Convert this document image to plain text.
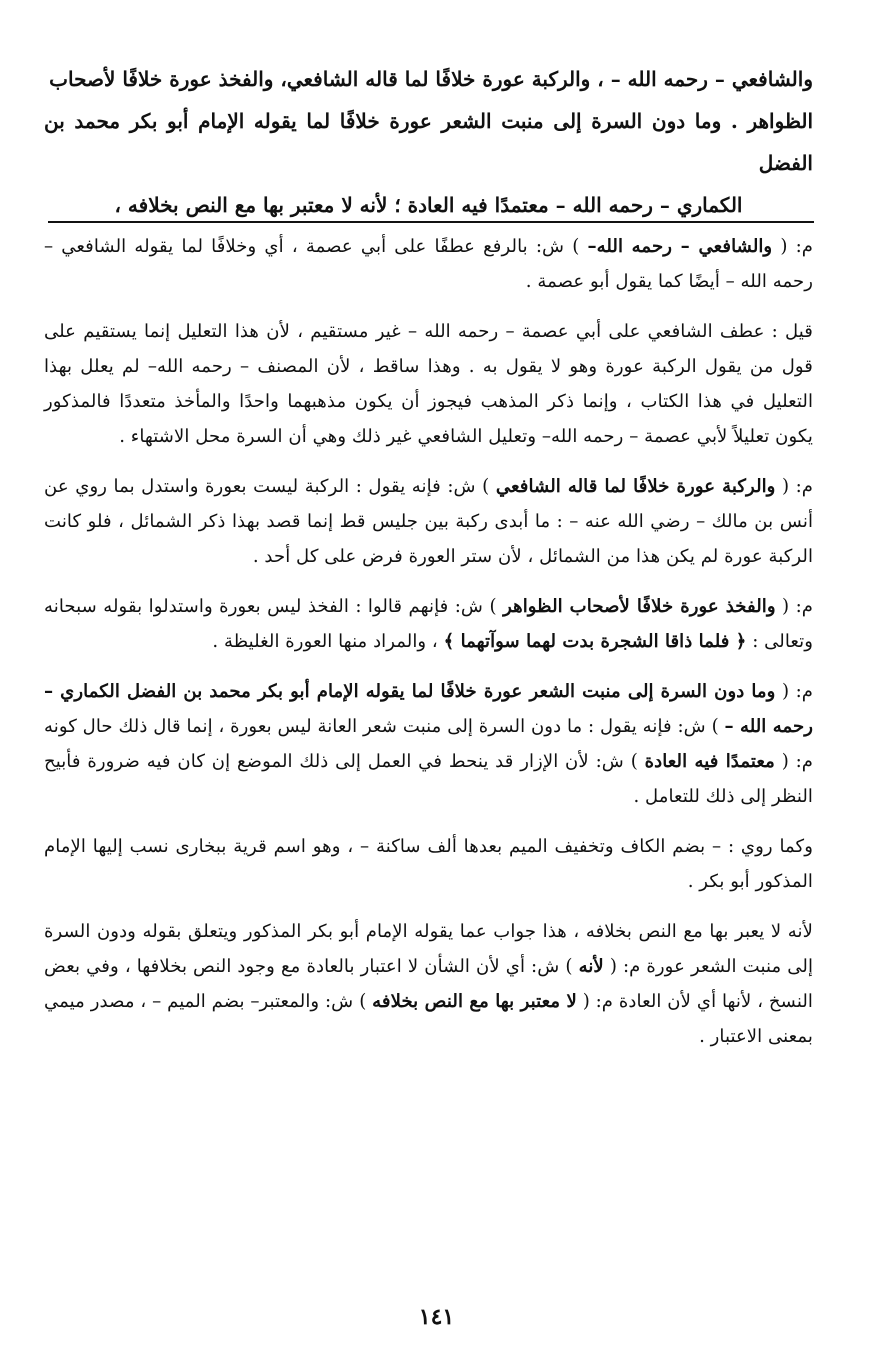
والشافعي – رحمه الله – ، والركبة عورة خلافًا لما قاله الشافعي، والفخذ عورة خلافًا لأصحاب

الظواهر . وما دون السرة إلى منبت الشعر عورة خلافًا لما يقوله الإمام أبو بكر محمد بن الفضل

الكماري – رحمه الله – معتمدًا فيه العادة ؛ لأنه لا معتبر بها مع النص بخلافه ،

م: ( والشافعي – رحمه الله– ) ش: بالرفع عطفًا على أبي عصمة ، أي وخلافًا لما يقوله الشافعي – رحمه الله – أيضًا كما يقول أبو عصمة .

قيل : عطف الشافعي على أبي عصمة – رحمه الله – غير مستقيم ، لأن هذا التعليل إنما يستقيم على قول من يقول الركبة عورة وهو لا يقول به . وهذا ساقط ، لأن المصنف – رحمه الله– لم يعلل بهذا التعليل في هذا الكتاب ، وإنما ذكر المذهب فيجوز أن يكون مذهبهما واحدًا والمأخذ متعددًا فالمذكور يكون تعليلاً لأبي عصمة – رحمه الله– وتعليل الشافعي غير ذلك وهي أن السرة محل الاشتهاء .

م: ( والركبة عورة خلافًا لما قاله الشافعي ) ش: فإنه يقول : الركبة ليست بعورة واستدل بما روي عن أنس بن مالك – رضي الله عنه – : ما أبدى ركبة بين جليس قط إنما قصد بهذا ذكر الشمائل ، فلو كانت الركبة عورة لم يكن هذا من الشمائل ، لأن ستر العورة فرض على كل أحد .

م: ( والفخذ عورة خلافًا لأصحاب الظواهر ) ش: فإنهم قالوا : الفخذ ليس بعورة واستدلوا بقوله سبحانه وتعالى : ﴿ فلما ذاقا الشجرة بدت لهما سوآتهما ﴾ ، والمراد منها العورة الغليظة .

م: ( وما دون السرة إلى منبت الشعر عورة خلافًا لما يقوله الإمام أبو بكر محمد بن الفضل الكماري – رحمه الله – ) ش: فإنه يقول : ما دون السرة إلى منبت شعر العانة ليس بعورة ، إنما قال ذلك حال كونه م: ( معتمدًا فيه العادة ) ش: لأن الإزار قد ينحط في العمل إلى ذلك الموضع إن كان فيه ضرورة فأبيح النظر إلى ذلك للتعامل .

وكما روي : – بضم الكاف وتخفيف الميم بعدها ألف ساكنة – ، وهو اسم قرية ببخارى نسب إليها الإمام المذكور أبو بكر .

لأنه لا يعبر بها مع النص بخلافه ، هذا جواب عما يقوله الإمام أبو بكر المذكور ويتعلق بقوله ودون السرة إلى منبت الشعر عورة م: ( لأنه ) ش: أي لأن الشأن لا اعتبار بالعادة مع وجود النص بخلافها ، وفي بعض النسخ ، لأنها أي لأن العادة م: ( لا معتبر بها مع النص بخلافه ) ش: والمعتبر– بضم الميم – ، مصدر ميمي بمعنى الاعتبار .

١٤١
